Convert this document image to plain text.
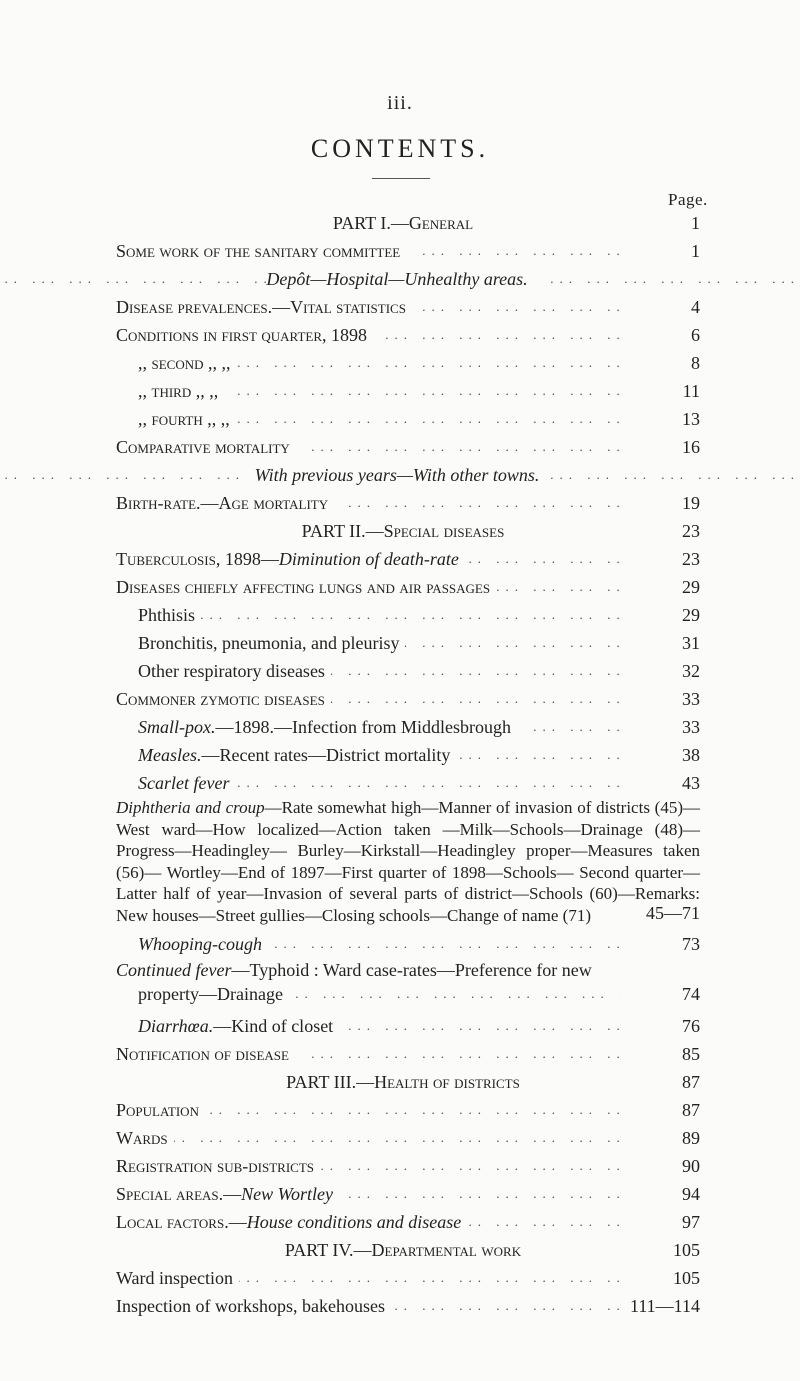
iii.
CONTENTS.
Page.
PART I.—General	1
Some work of the sanitary committee ... .	1
Depôt—Hospital—Unhealthy areas. ... .
Disease prevalences.—Vital statistics ... .	4
Conditions in first quarter, 1898 ... .	6
,, second ,, ,, ... .	8
,, third ,, ,, ... .	11
,, fourth ,, ,, ... .	13
Comparative mortality ... .	16
With previous years—With other towns. ... .
Birth-rate.—Age mortality ... .	19
PART II.—Special diseases	23
Tuberculosis, 1898—Diminution of death-rate ... .	23
Diseases chiefly affecting lungs and air passages ... .	29
Phthisis ... .	29
Bronchitis, pneumonia, and pleurisy ... .	31
Other respiratory diseases ... .	32
Commoner zymotic diseases ... .	33
Small-pox.—1898.—Infection from Middlesbrough ... .	33
Measles.—Recent rates—District mortality ... .	38
Scarlet fever ... .	43
Diphtheria and croup—Rate somewhat high—Manner of invasion of districts (45)—West ward—How localized—Action taken —Milk—Schools—Drainage (48)—Progress—Headingley— Burley—Kirkstall—Headingley proper—Measures taken (56)— Wortley—End of 1897—First quarter of 1898—Schools— Second quarter—Latter half of year—Invasion of several parts of district—Schools (60)—Remarks: New houses—Street gullies—Closing schools—Change of name (71)	45—71
Whooping-cough ... .	73
Continued fever—Typhoid : Ward case-rates—Preference for new
property—Drainage ... .	74
Diarrhœa.—Kind of closet ... .	76
Notification of disease ... .	85
PART III.—Health of districts	87
Population ... .	87
Wards ... .	89
Registration sub-districts ... .	90
Special areas.—New Wortley ... .	94
Local factors.—House conditions and disease ... .	97
PART IV.—Departmental work	105
Ward inspection ... .	105
Inspection of workshops, bakehouses ... .	111—114
